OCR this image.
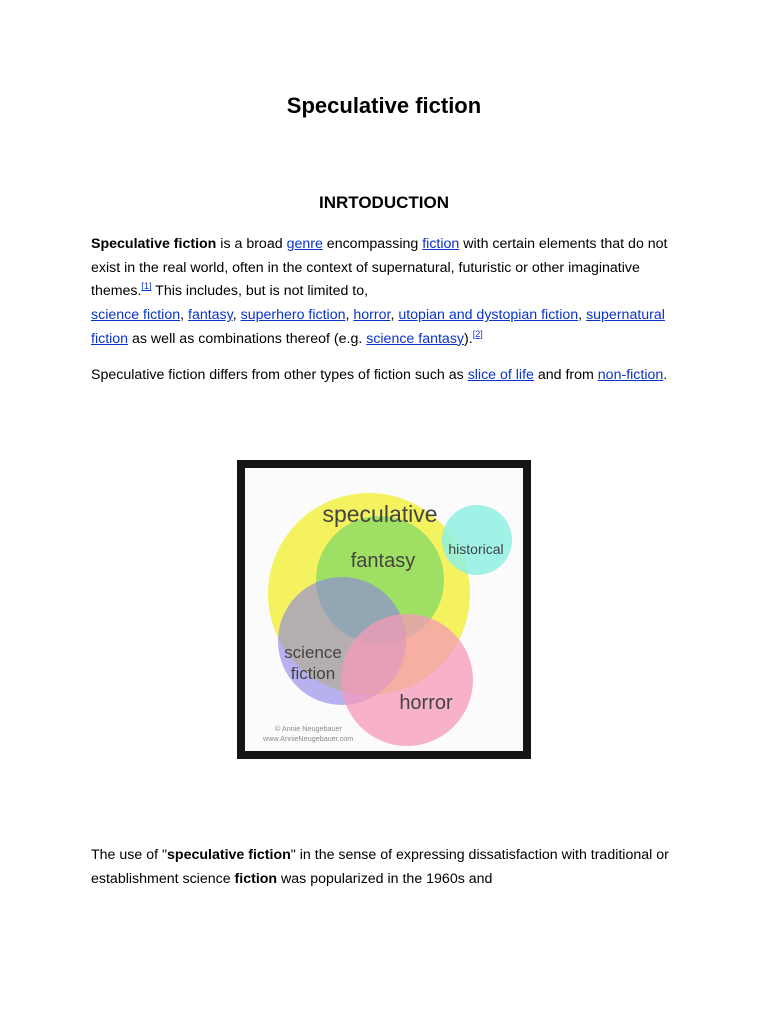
Speculative fiction
INRTODUCTION

Speculative fiction is a broad genre encompassing fiction with certain elements that do not exist in the real world, often in the context of supernatural, futuristic or other imaginative themes.[1] This includes, but is not limited to,
science fiction, fantasy, superhero fiction, horror, utopian and dystopian fiction, supernatural fiction as well as combinations thereof (e.g. science fantasy).[2]

Speculative fiction differs from other types of fiction such as slice of life and from non-fiction.

speculative
fantasy
historical
science
fiction
horror
© Annie Neugebauer
www.AnnieNeugebauer.com

The use of "speculative fiction" in the sense of expressing dissatisfaction with traditional or establishment science fiction was popularized in the 1960s and
